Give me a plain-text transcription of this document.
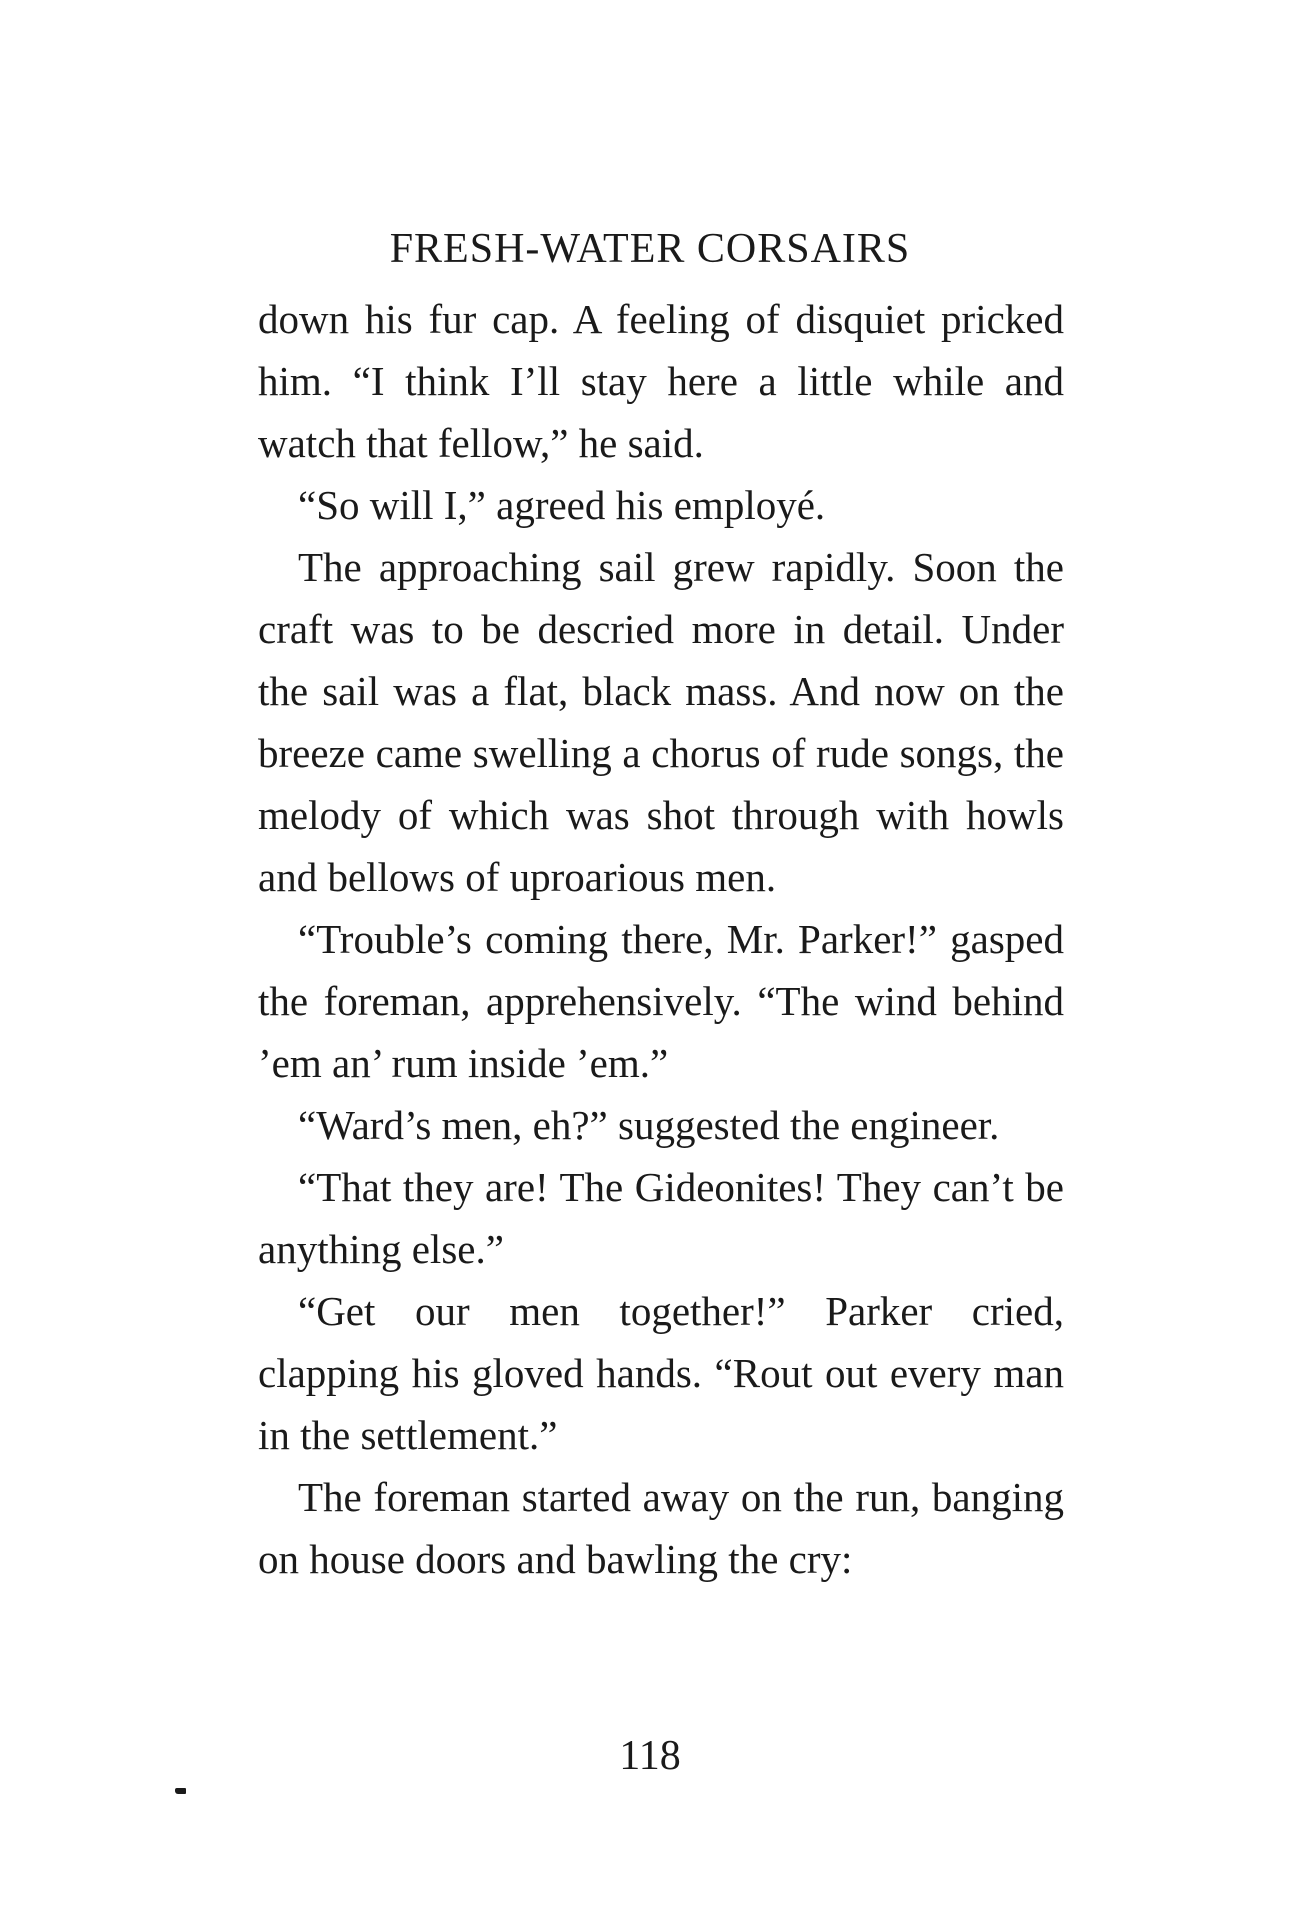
FRESH-WATER CORSAIRS

down his fur cap. A feeling of disquiet pricked him. “I think I’ll stay here a little while and watch that fellow,” he said.

“So will I,” agreed his employé.

The approaching sail grew rapidly. Soon the craft was to be descried more in detail. Under the sail was a flat, black mass. And now on the breeze came swelling a chorus of rude songs, the melody of which was shot through with howls and bellows of uproarious men.

“Trouble’s coming there, Mr. Parker!” gasped the foreman, apprehensively. “The wind behind ’em an’ rum inside ’em.”

“Ward’s men, eh?” suggested the engineer.

“That they are! The Gideonites! They can’t be anything else.”

“Get our men together!” Parker cried, clapping his gloved hands. “Rout out every man in the settlement.”

The foreman started away on the run, banging on house doors and bawling the cry:

118
